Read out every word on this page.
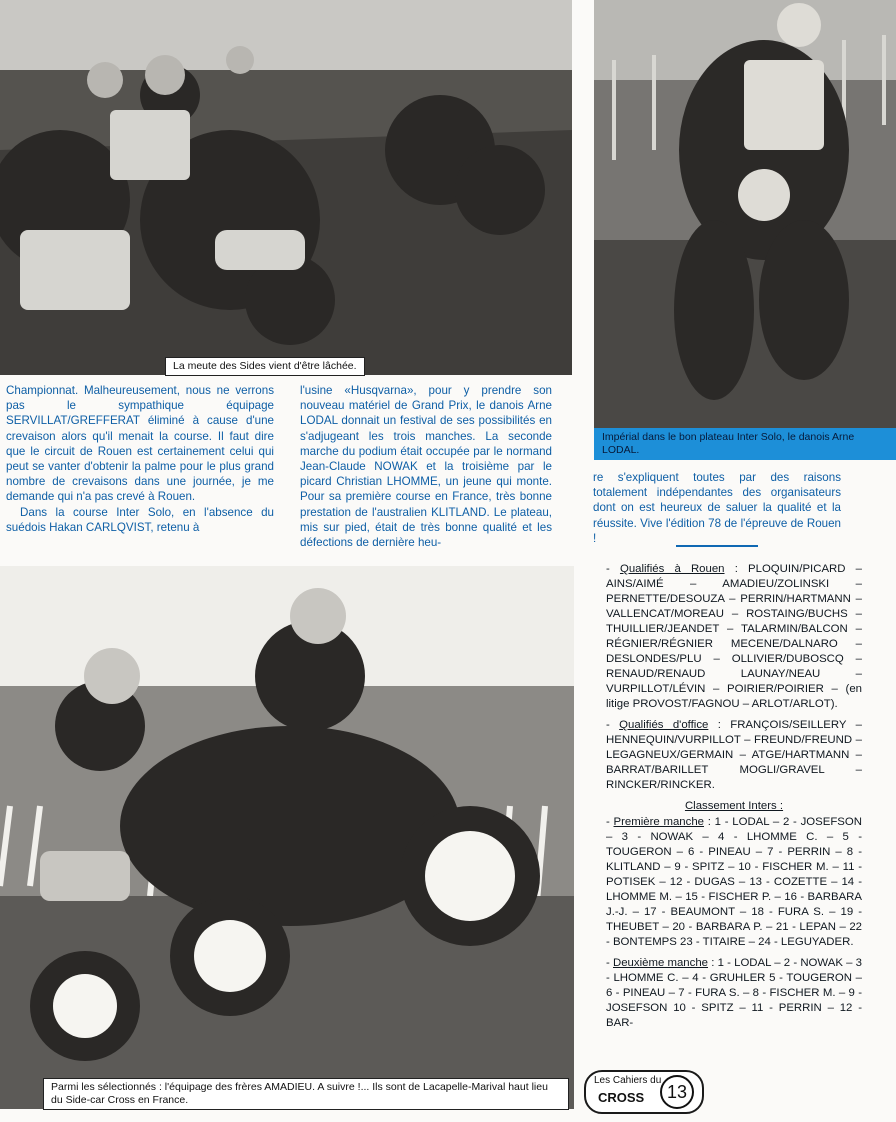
La meute des Sides vient d'être lâchée.
Impérial dans le bon plateau Inter Solo, le danois Arne LODAL.

Championnat. Malheureusement, nous ne verrons pas le sympathique équipage SERVILLAT/GREFFERAT éliminé à cause d'une crevaison alors qu'il menait la course. Il faut dire que le circuit de Rouen est certainement celui qui peut se vanter d'obtenir la palme pour le plus grand nombre de crevaisons dans une journée, je me demande qui n'a pas crevé à Rouen.

Dans la course Inter Solo, en l'absence du suédois Hakan CARLQVIST, retenu à

l'usine «Husqvarna», pour y prendre son nouveau matériel de Grand Prix, le danois Arne LODAL donnait un festival de ses possibilités en s'adjugeant les trois manches. La seconde marche du podium était occupée par le normand Jean-Claude NOWAK et la troisième par le picard Christian LHOMME, un jeune qui monte. Pour sa première course en France, très bonne prestation de l'australien KLITLAND. Le plateau, mis sur pied, était de très bonne qualité et les défections de dernière heu-

re s'expliquent toutes par des raisons totalement indépendantes des organisateurs dont on est heureux de saluer la qualité et la réussite. Vive l'édition 78 de l'épreuve de Rouen !

Parmi les sélectionnés : l'équipage des frères AMADIEU. A suivre !... Ils sont de Lacapelle-Marival haut lieu du Side-car Cross en France.
- Qualifiés à Rouen : PLOQUIN/PICARD – AINS/AIMÉ – AMADIEU/ZOLINSKI – PERNETTE/DESOUZA – PERRIN/HARTMANN – VALLENCAT/MOREAU – ROSTAING/BUCHS – THUILLIER/JEANDET – TALARMIN/BALCON – RÉGNIER/RÉGNIER MECENE/DALNARO – DESLONDES/PLU – OLLIVIER/DUBOSCQ – RENAUD/RENAUD LAUNAY/NEAU – VURPILLOT/LÉVIN – POIRIER/POIRIER – (en litige PROVOST/FAGNOU – ARLOT/ARLOT).
- Qualifiés d'office : FRANÇOIS/SEILLERY – HENNEQUIN/VURPILLOT – FREUND/FREUND – LEGAGNEUX/GERMAIN – ATGE/HARTMANN – BARRAT/BARILLET MOGLI/GRAVEL – RINCKER/RINCKER.
Classement Inters :
- Première manche : 1 - LODAL – 2 - JOSEFSON – 3 - NOWAK – 4 - LHOMME C. – 5 - TOUGERON – 6 - PINEAU – 7 - PERRIN – 8 - KLITLAND – 9 - SPITZ – 10 - FISCHER M. – 11 - POTISEK – 12 - DUGAS – 13 - COZETTE – 14 - LHOMME M. – 15 - FISCHER P. – 16 - BARBARA J.-J. – 17 - BEAUMONT – 18 - FURA S. – 19 - THEUBET – 20 - BARBARA P. – 21 - LEPAN – 22 - BONTEMPS 23 - TITAIRE – 24 - LEGUYADER.
- Deuxième manche : 1 - LODAL – 2 - NOWAK – 3 - LHOMME C. – 4 - GRUHLER 5 - TOUGERON – 6 - PINEAU – 7 - FURA S. – 8 - FISCHER M. – 9 - JOSEFSON 10 - SPITZ – 11 - PERRIN – 12 - BAR-
Les Cahiers du
CROSS	13
